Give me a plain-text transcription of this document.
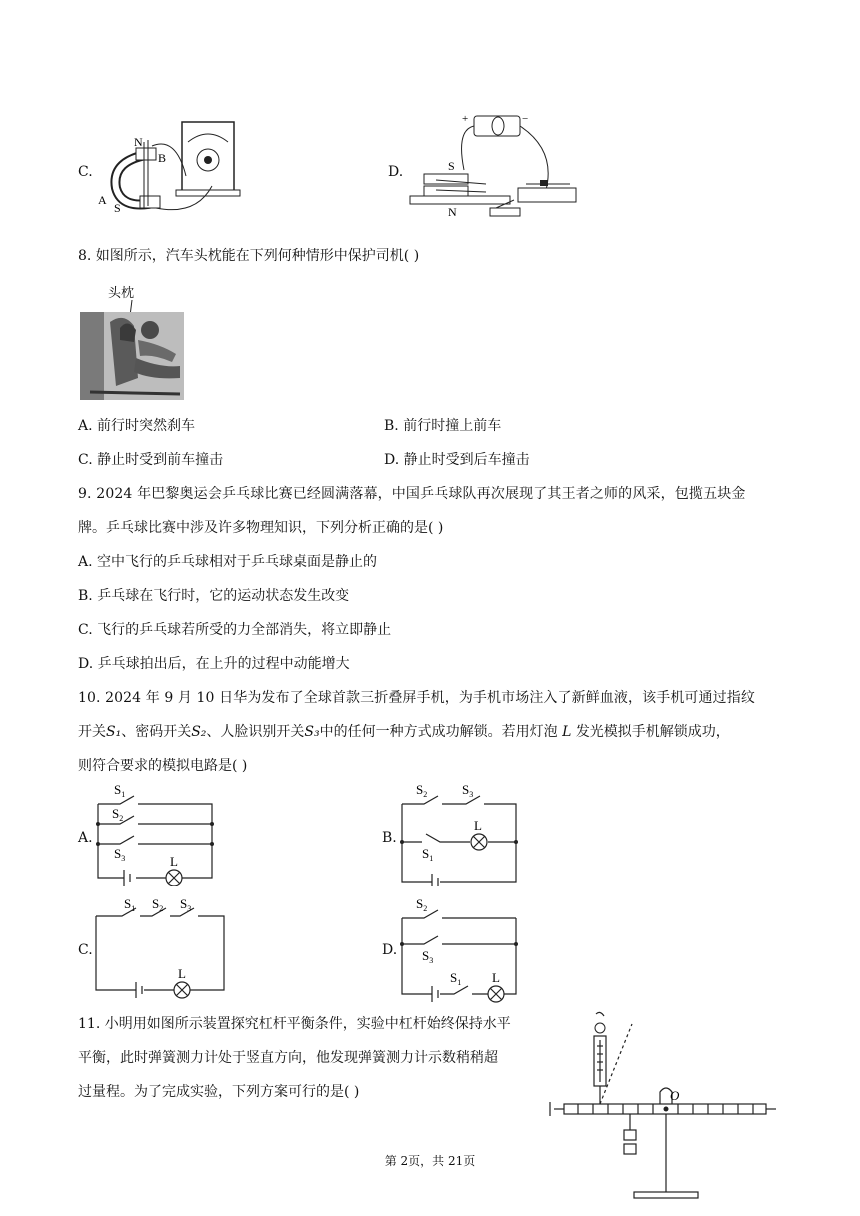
C.
N
B
A
S
D.
+	−
S
N
8. 如图所示，汽车头枕能在下列何种情形中保护司机( )
头枕
A. 前行时突然刹车	B. 前行时撞上前车
C. 静止时受到前车撞击	D. 静止时受到后车撞击
9. 2024 年巴黎奥运会乒乓球比赛已经圆满落幕，中国乒乓球队再次展现了其王者之师的风采，包揽五块金
牌。乒乓球比赛中涉及许多物理知识，下列分析正确的是( )
A. 空中飞行的乒乓球相对于乒乓球桌面是静止的
B. 乒乓球在飞行时，它的运动状态发生改变
C. 飞行的乒乓球若所受的力全部消失，将立即静止
D. 乒乓球拍出后，在上升的过程中动能增大
10. 2024 年 9 月 10 日华为发布了全球首款三折叠屏手机，为手机市场注入了新鲜血液，该手机可通过指纹
开关S₁、密码开关S₂、人脸识别开关S₃中的任何一种方式成功解锁。若用灯泡 L 发光模拟手机解锁成功，
则符合要求的模拟电路是( )
A.
$S_1$
$S_2$
$S_3$	L
B.
$S_2$	$S_3$
$S_1$
L
C.
$S_1$ $S_2$ $S_3$
L
D.
$S_2$
$S_3$
$S_1$ L
11. 小明用如图所示装置探究杠杆平衡条件，实验中杠杆始终保持水平
平衡，此时弹簧测力计处于竖直方向，他发现弹簧测力计示数稍稍超
过量程。为了完成实验，下列方案可行的是( )	O
第 2页，共 21页
